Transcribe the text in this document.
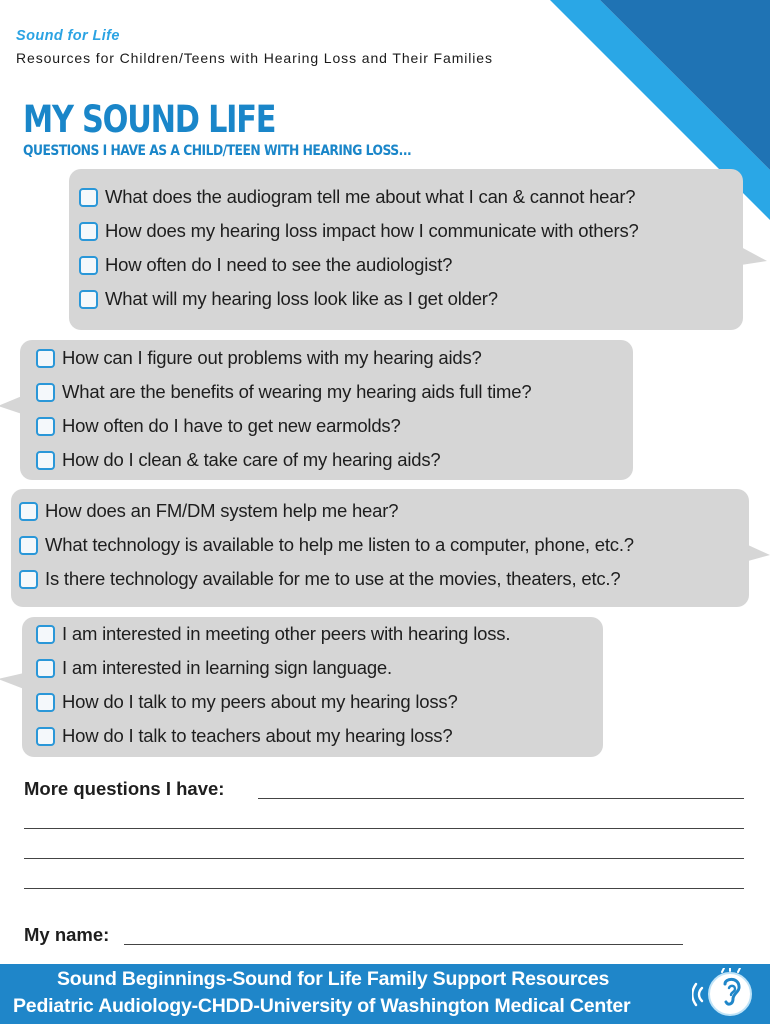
Sound for Life
Resources for Children/Teens with Hearing Loss and Their Families
MY SOUND LIFE
QUESTIONS I HAVE AS A CHILD/TEEN WITH HEARING LOSS...
What does the audiogram tell me about what I can & cannot hear?
How does my hearing loss impact how I communicate with others?
How often do I need to see the audiologist?
What will my hearing loss look like as I get older?
How can I figure out problems with my hearing aids?
What are the benefits of wearing my hearing aids full time?
How often do I have to get new earmolds?
How do I clean & take care of my hearing aids?
How does an FM/DM system help me hear?
What technology is available to help me listen to a computer, phone, etc.?
Is there technology available for me to use at the movies, theaters, etc.?
I am interested in meeting other peers with hearing loss.
I am interested in learning sign language.
How do I talk to my peers about my hearing loss?
How do I talk to teachers about my hearing loss?
More questions I have:
My name:
Sound Beginnings-Sound for Life Family Support Resources
Pediatric Audiology-CHDD-University of Washington Medical Center
